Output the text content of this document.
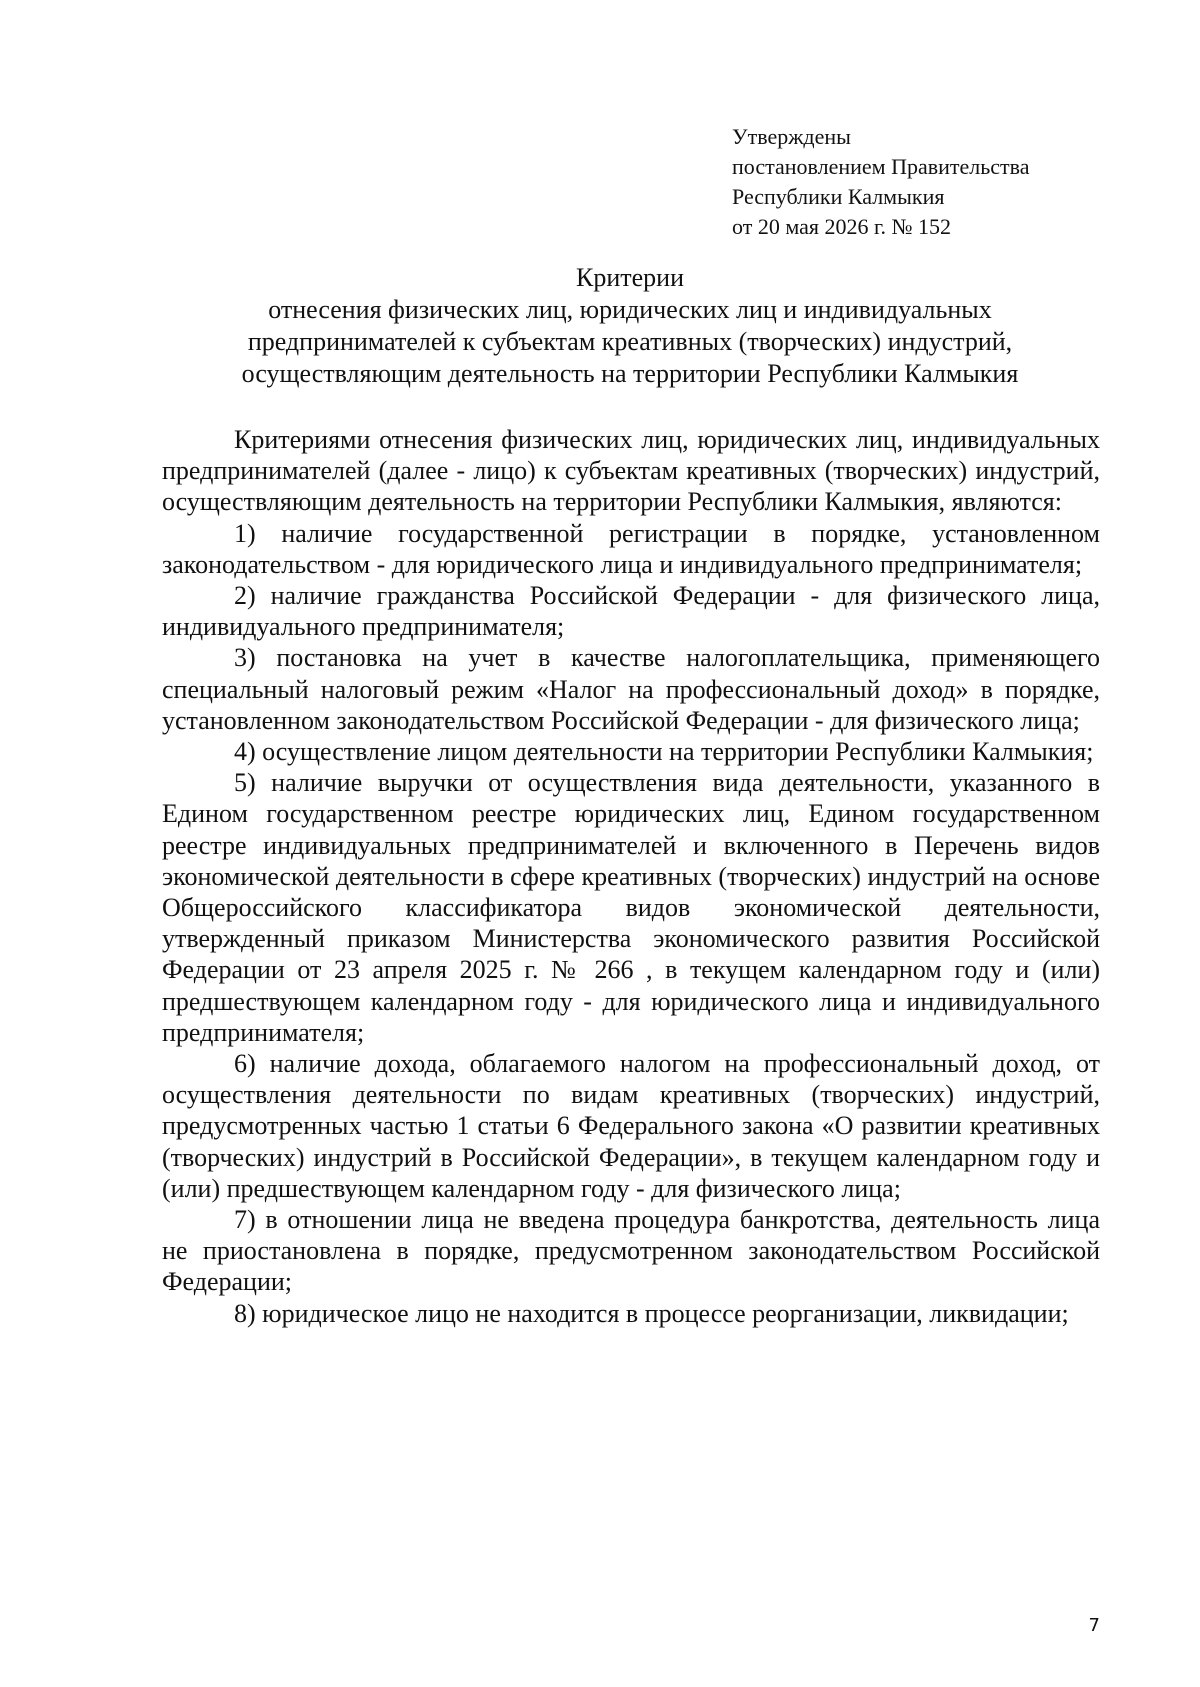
Утверждены
постановлением Правительства
Республики Калмыкия
от 20 мая 2026 г. № 152
Критерии
отнесения физических лиц, юридических лиц и индивидуальных
предпринимателей к субъектам креативных (творческих) индустрий,
осуществляющим деятельность на территории Республики Калмыкия

Критериями отнесения физических лиц, юридических лиц, индивидуальных предпринимателей (далее - лицо) к субъектам креативных (творческих) индустрий, осуществляющим деятельность на территории Республики Калмыкия, являются:

1) наличие государственной регистрации в порядке, установленном законодательством - для юридического лица и индивидуального предпринимателя;

2) наличие гражданства Российской Федерации - для физического лица, индивидуального предпринимателя;

3) постановка на учет в качестве налогоплательщика, применяющего специальный налоговый режим «Налог на профессиональный доход» в порядке, установленном законодательством Российской Федерации - для физического лица;

4) осуществление лицом деятельности на территории Республики Калмыкия;

5) наличие выручки от осуществления вида деятельности, указанного в Едином государственном реестре юридических лиц, Едином государственном реестре индивидуальных предпринимателей и включенного в Перечень видов экономической деятельности в сфере креативных (творческих) индустрий на основе Общероссийского классификатора видов экономической деятельности, утвержденный приказом Министерства экономического развития Российской Федерации от 23 апреля 2025 г. № 266 , в текущем календарном году и (или) предшествующем календарном году - для юридического лица и индивидуального предпринимателя;

6) наличие дохода, облагаемого налогом на профессиональный доход, от осуществления деятельности по видам креативных (творческих) индустрий, предусмотренных частью 1 статьи 6 Федерального закона «О развитии креативных (творческих) индустрий в Российской Федерации», в текущем календарном году и (или) предшествующем календарном году - для физического лица;

7) в отношении лица не введена процедура банкротства, деятельность лица не приостановлена в порядке, предусмотренном законодательством Российской Федерации;

8) юридическое лицо не находится в процессе реорганизации, ликвидации;

7
